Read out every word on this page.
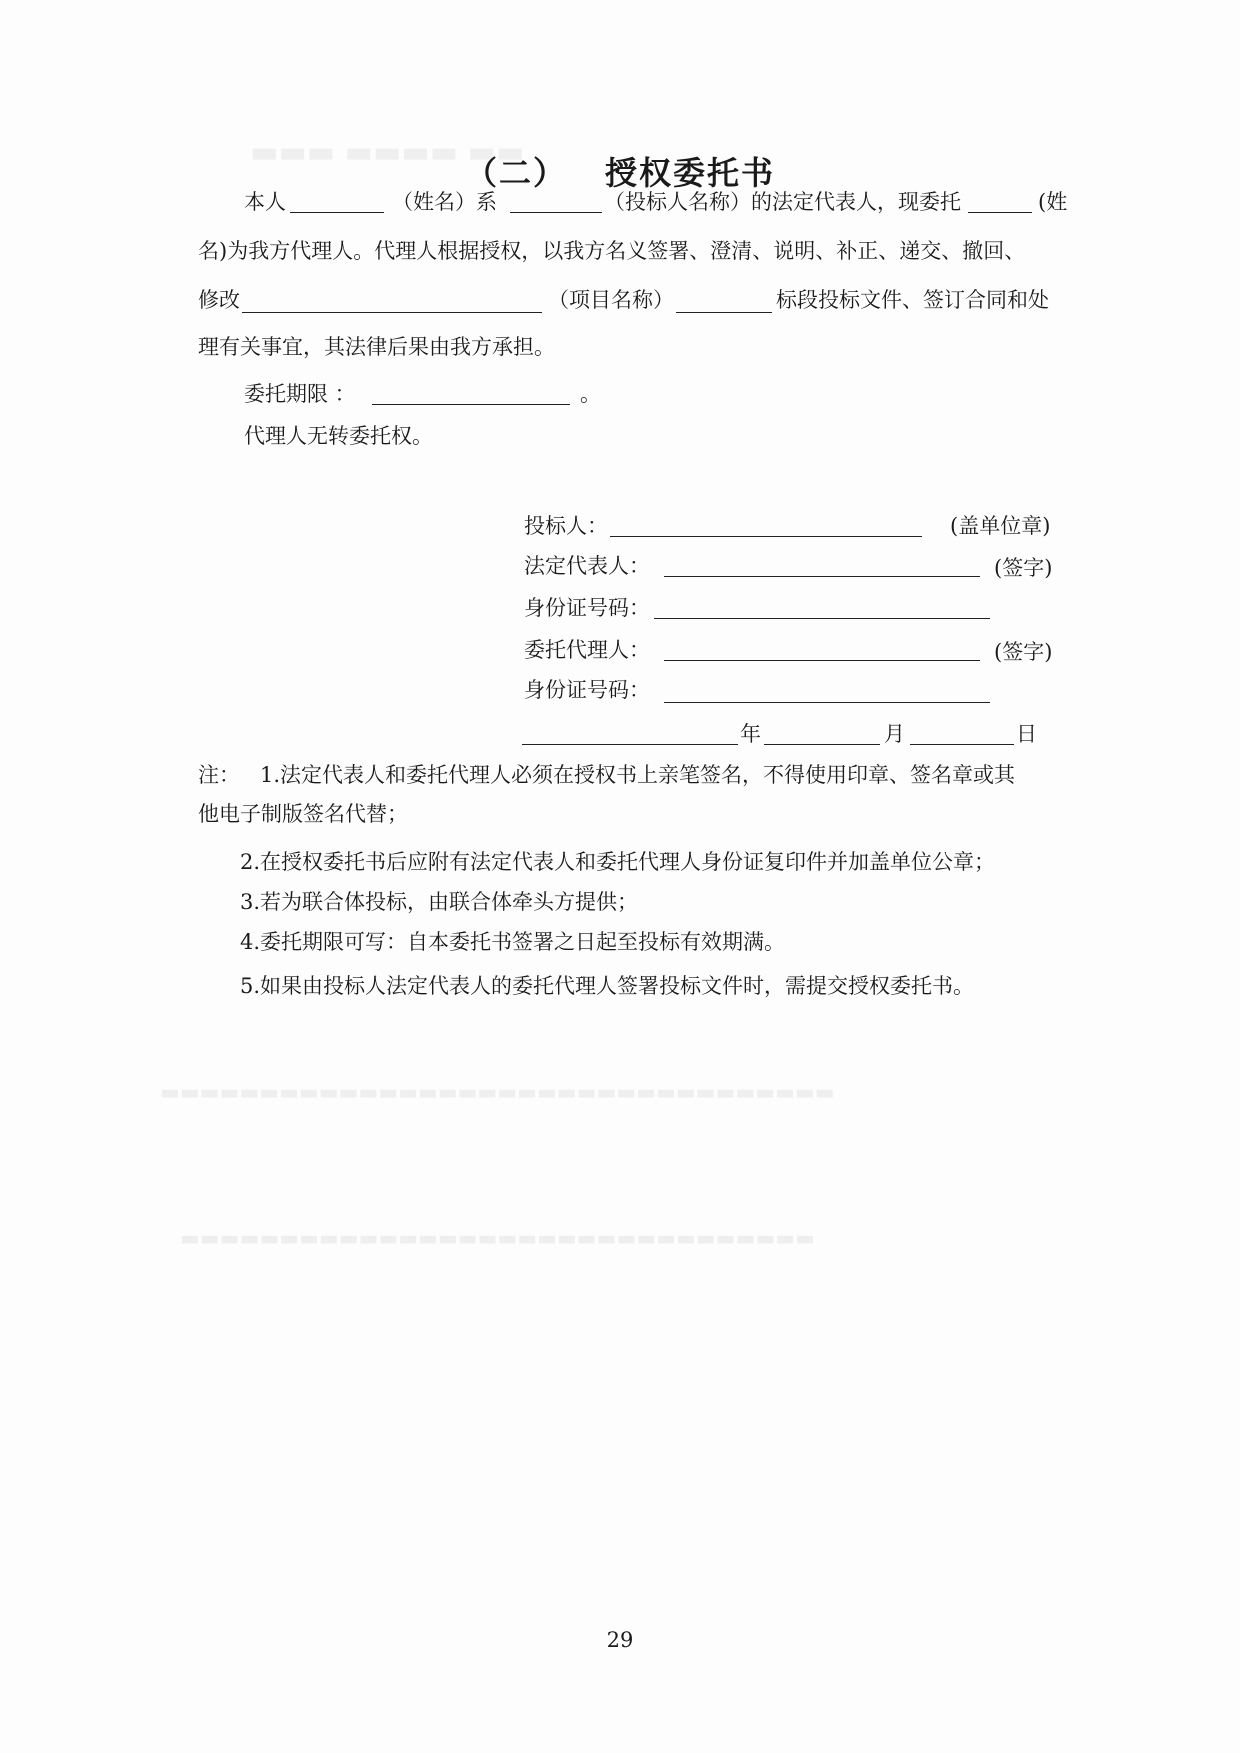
▬▬ ▬▬▬▬ ▬▬▬
▬▬▬▬▬▬▬▬▬▬▬▬▬▬▬▬▬▬▬▬▬▬▬▬▬▬▬▬▬▬▬▬▬▬
▬▬▬▬▬▬▬▬▬▬▬▬▬▬▬▬▬▬▬▬▬▬▬▬▬▬▬▬▬▬▬▬
（二） 授权委托书
本人	（姓名）系	（投标人名称）的法定代表人，现委托	(姓
名)为我方代理人。代理人根据授权，以我方名义签署、澄清、说明、补正、递交、撤回、
修改	（项目名称）	标段投标文件、签订合同和处
理有关事宜，其法律后果由我方承担。
委托期限 ：	。
代理人无转委托权。
投标人：	(盖单位章)
法定代表人：	(签字)
身份证号码：
委托代理人：	(签字)
身份证号码：
年	月	日
注： 1.法定代表人和委托代理人必须在授权书上亲笔签名，不得使用印章、签名章或其
他电子制版签名代替；
2.在授权委托书后应附有法定代表人和委托代理人身份证复印件并加盖单位公章；
3.若为联合体投标，由联合体牵头方提供；
4.委托期限可写：自本委托书签署之日起至投标有效期满。
5.如果由投标人法定代表人的委托代理人签署投标文件时，需提交授权委托书。
29
